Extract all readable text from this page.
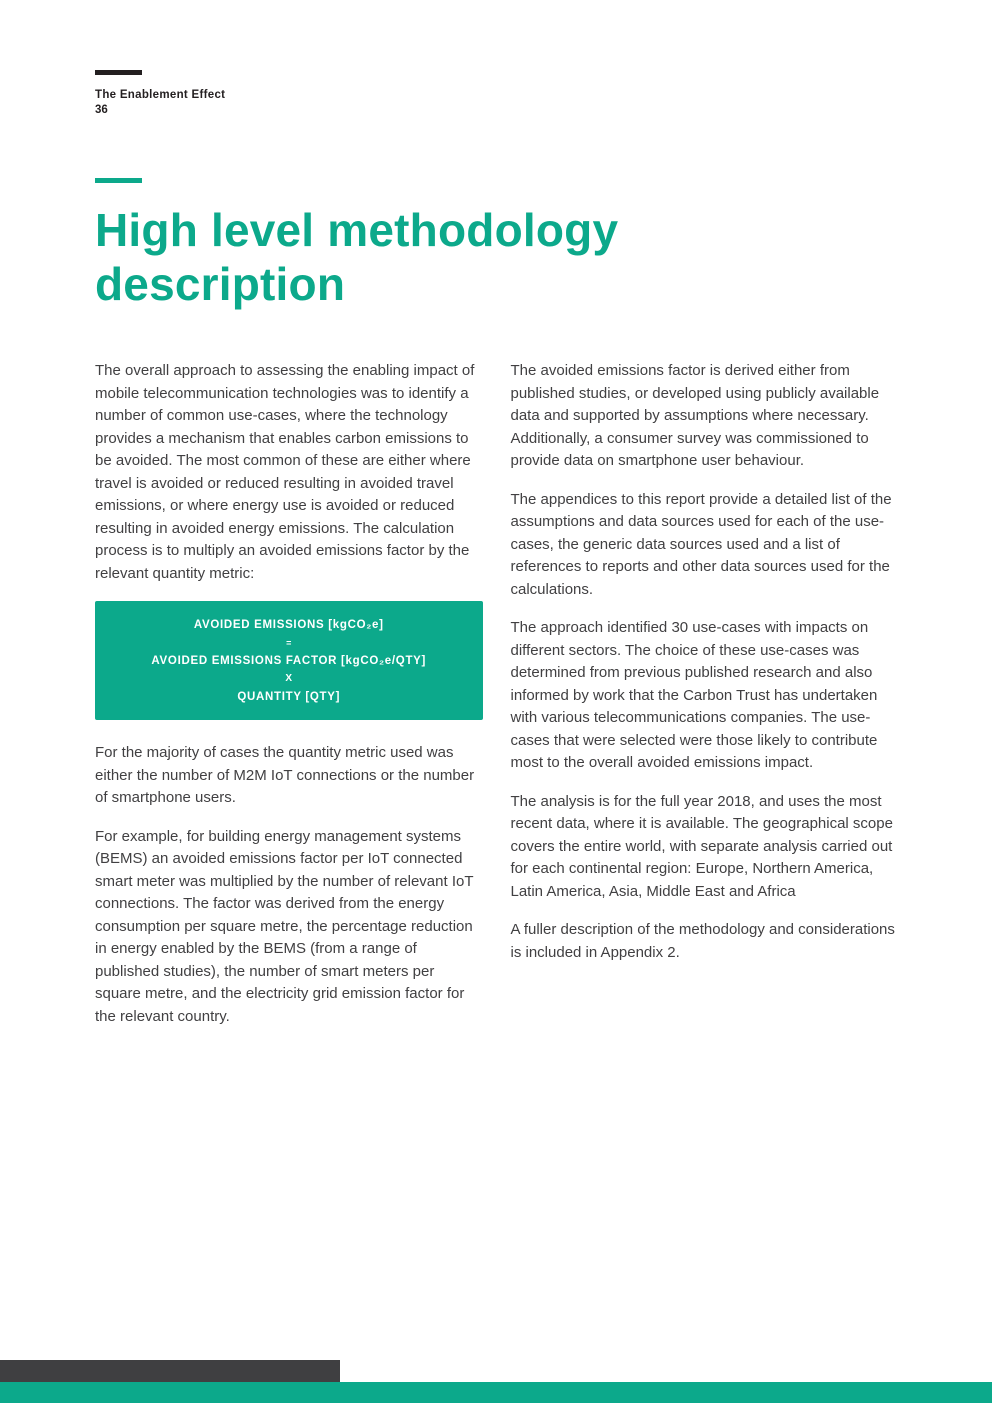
The Enablement Effect
36
High level methodology
description

The overall approach to assessing the enabling impact of mobile telecommunication technologies was to identify a number of common use-cases, where the technology provides a mechanism that enables carbon emissions to be avoided. The most common of these are either where travel is avoided or reduced resulting in avoided travel emissions, or where energy use is avoided or reduced resulting in avoided energy emissions. The calculation process is to multiply an avoided emissions factor by the relevant quantity metric:

AVOIDED EMISSIONS [kgCO₂e]
=
AVOIDED EMISSIONS FACTOR [kgCO₂e/QTY]
X
QUANTITY [QTY]

For the majority of cases the quantity metric used was either the number of M2M IoT connections or the number of smartphone users.

For example, for building energy management systems (BEMS) an avoided emissions factor per IoT connected smart meter was multiplied by the number of relevant IoT connections. The factor was derived from the energy consumption per square metre, the percentage reduction in energy enabled by the BEMS (from a range of published studies), the number of smart meters per square metre, and the electricity grid emission factor for the relevant country.

The avoided emissions factor is derived either from published studies, or developed using publicly available data and supported by assumptions where necessary. Additionally, a consumer survey was commissioned to provide data on smartphone user behaviour.

The appendices to this report provide a detailed list of the assumptions and data sources used for each of the use-cases, the generic data sources used and a list of references to reports and other data sources used for the calculations.

The approach identified 30 use-cases with impacts on different sectors. The choice of these use-cases was determined from previous published research and also informed by work that the Carbon Trust has undertaken with various telecommunications companies. The use-cases that were selected were those likely to contribute most to the overall avoided emissions impact.

The analysis is for the full year 2018, and uses the most recent data, where it is available. The geographical scope covers the entire world, with separate analysis carried out for each continental region: Europe, Northern America, Latin America, Asia, Middle East and Africa

A fuller description of the methodology and considerations is included in Appendix 2.
